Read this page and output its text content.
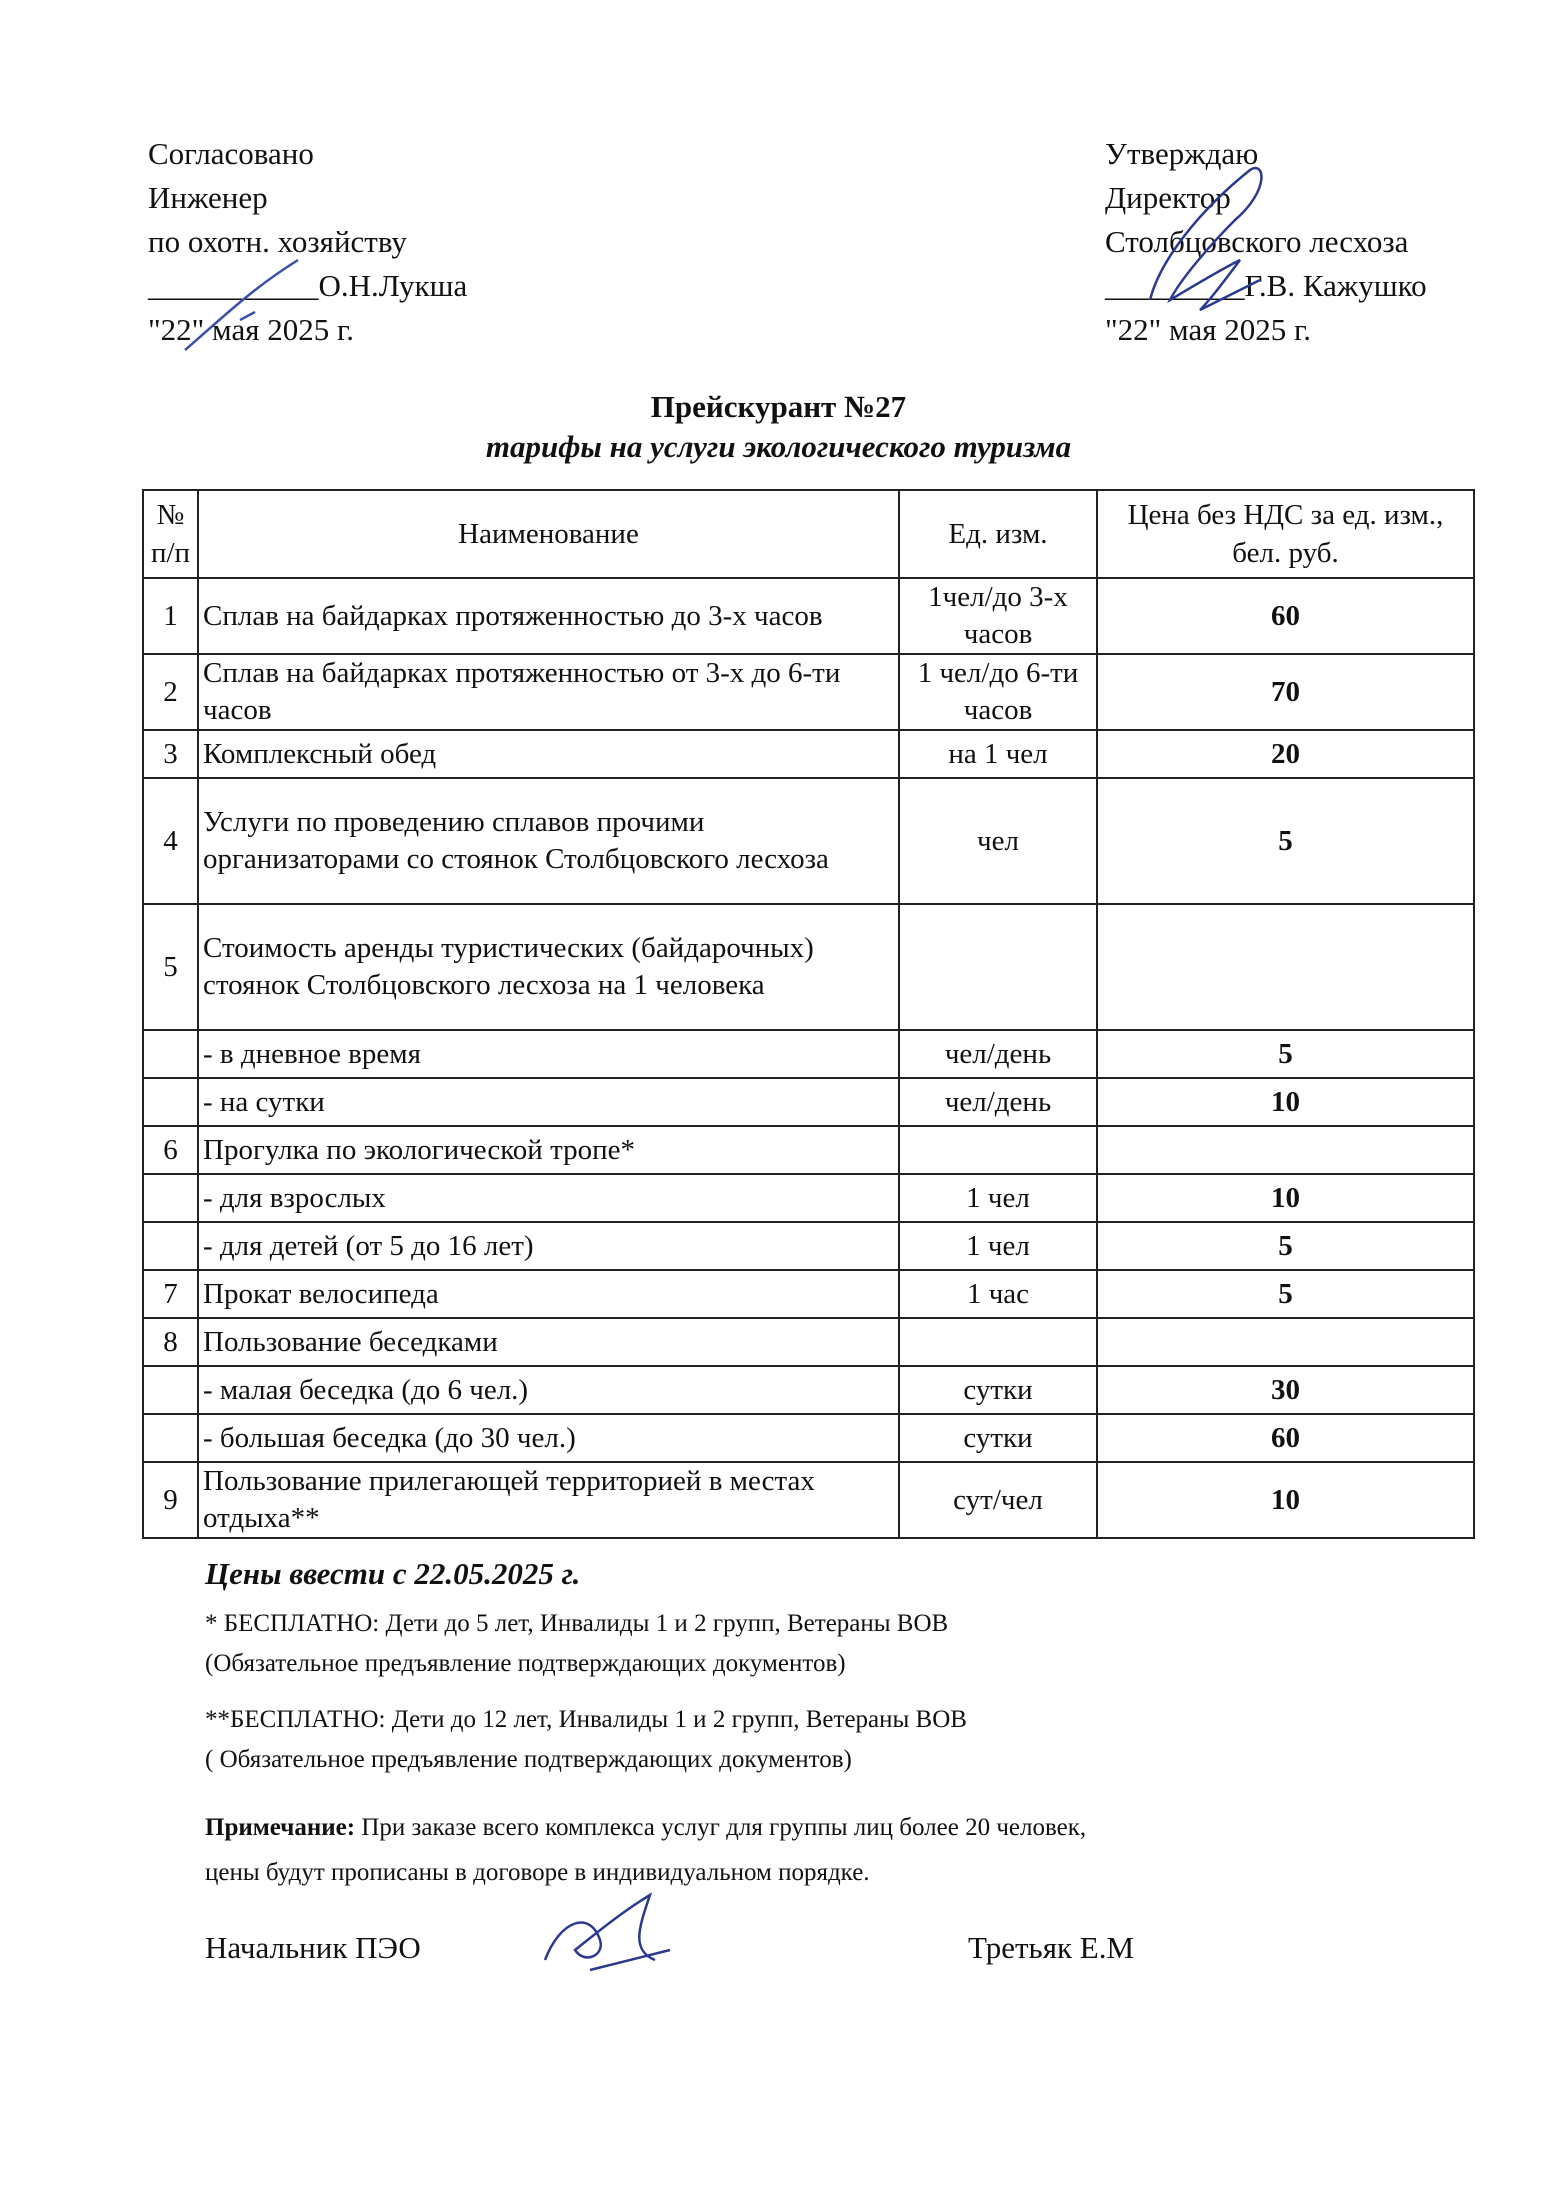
Согласовано
Инженер
по охотн. хозяйству
___________О.Н.Лукша
"22" мая 2025 г.
Утверждаю
Директор
Столбцовского лесхоза
_________Г.В. Кажушко
"22" мая 2025 г.
Прейскурант №27
тарифы на услуги экологического туризма
№ п/п	Наименование	Ед. изм.	Цена без НДС за ед. изм., бел. руб.
1	Сплав на байдарках протяженностью до 3-х часов	1чел/до 3-х часов	60
2	Сплав на байдарках протяженностью от 3-х до 6-ти часов	1 чел/до 6-ти часов	70
3	Комплексный обед	на 1 чел	20
4	Услуги по проведению сплавов прочими организаторами со стоянок Столбцовского лесхоза	чел	5
5	Стоимость аренды туристических (байдарочных) стоянок Столбцовского лесхоза на 1 человека		
	- в дневное время	чел/день	5
	- на сутки	чел/день	10
6	Прогулка по экологической тропе*		
	- для взрослых	1 чел	10
	- для детей (от 5 до 16 лет)	1 чел	5
7	Прокат велосипеда	1 час	5
8	Пользование беседками		
	- малая беседка (до 6 чел.)	сутки	30
	- большая беседка (до 30 чел.)	сутки	60
9	Пользование прилегающей территорией в местах отдыха**	сут/чел	10
Цены ввести с 22.05.2025 г.
* БЕСПЛАТНО: Дети до 5 лет, Инвалиды 1 и 2 групп, Ветераны ВОВ
(Обязательное предъявление подтверждающих документов)
**БЕСПЛАТНО: Дети до 12 лет, Инвалиды 1 и 2 групп, Ветераны ВОВ
( Обязательное предъявление подтверждающих документов)
Примечание: При заказе всего комплекса услуг для группы лиц более 20 человек,
цены будут прописаны в договоре в индивидуальном порядке.
Начальник ПЭО	Третьяк Е.М
